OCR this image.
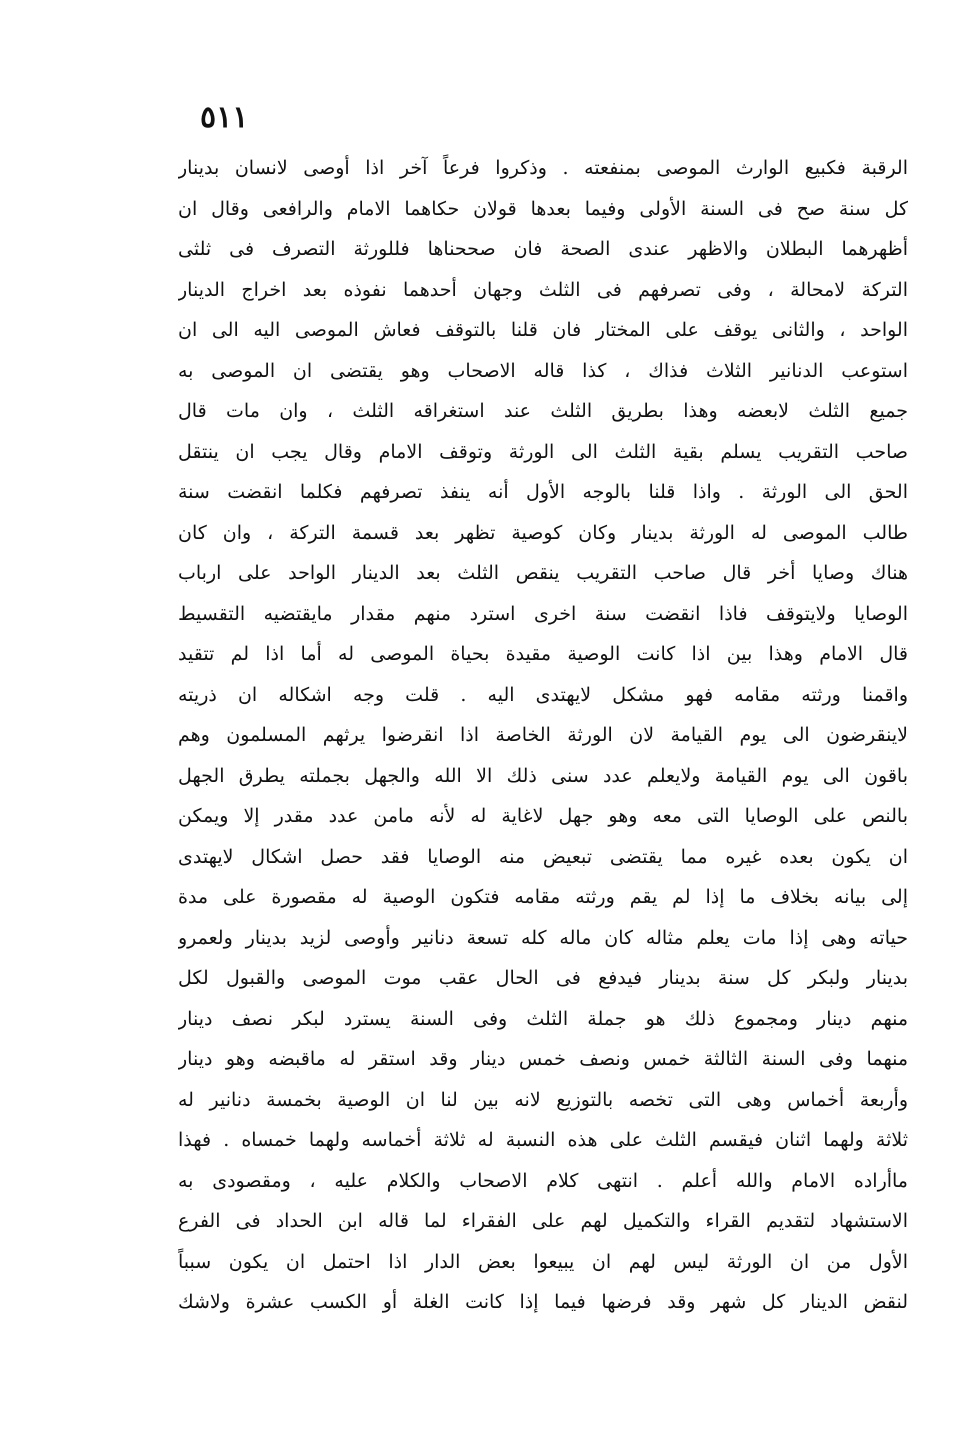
٥١١
الرقبة فكبيع الوارث الموصى بمنفعته . وذكروا فرعاً آخر اذا أوصى لانسان بدينار
كل سنة صح فى السنة الأولى وفيما بعدها قولان حكاهما الامام والرافعى وقال ان
أظهرهما البطلان والاظهر عندى الصحة فان صححناها فللورثة التصرف فى ثلثى
التركة لامحالة ، وفى تصرفهم فى الثلث وجهان أحدهما نفوذه بعد اخراج الدينار
الواحد ، والثانى يوقف على المختار فان قلنا بالتوقف فعاش الموصى اليه الى ان
استوعب الدنانير الثلاث فذاك ، كذا قاله الاصحاب وهو يقتضى ان الموصى به
جميع الثلث لابعضه وهذا بطريق الثلث عند استغراقه الثلث ، وان مات قال
صاحب التقريب يسلم بقية الثلث الى الورثة وتوقف الامام وقال يجب ان ينتقل
الحق الى الورثة . واذا قلنا بالوجه الأول أنه ينفذ تصرفهم فكلما انقضت سنة
طالب الموصى له الورثة بدينار وكان كوصية تظهر بعد قسمة التركة ، وان كان
هناك وصايا أخر قال صاحب التقريب ينقص الثلث بعد الدينار الواحد على ارباب
الوصايا ولايتوقف فاذا انقضت سنة اخرى استرد منهم مقدار مايقتضيه التقسيط
قال الامام وهذا بين اذا كانت الوصية مقيدة بحياة الموصى له أما اذا لم تتقيد
واقمنا ورثته مقامه فهو مشكل لايهتدى اليه . قلت وجه اشكاله ان ذريته
لاينقرضون الى يوم القيامة لان الورثة الخاصة اذا انقرضوا يرثهم المسلمون وهم
باقون الى يوم القيامة ولايعلم عدد سنى ذلك الا الله والجهل بجملته يطرق الجهل
بالنص على الوصايا التى معه وهو جهل لاغاية له لأنه مامن عدد مقدر إلا ويمكن
ان يكون بعده غيره مما يقتضى تبعيض منه الوصايا فقد حصل اشكال لايهتدى
إلى بيانه بخلاف ما إذا لم يقم ورثته مقامه فتكون الوصية له مقصورة على مدة
حياته وهى إذا مات يعلم مثاله كان ماله كله تسعة دنانير وأوصى لزيد بدينار ولعمرو
بدينار ولبكر كل سنة بدينار فيدفع فى الحال عقب موت الموصى والقبول لكل
منهم دينار ومجموع ذلك هو جملة الثلث وفى السنة يسترد لبكر نصف دينار
منهما وفى السنة الثالثة خمس ونصف خمس دينار وقد استقر له ماقبضه وهو دينار
وأربعة أخماس وهى التى تخصه بالتوزيع لانه بين لنا ان الوصية بخمسة دنانير له
ثلاثة ولهما اثنان فيقسم الثلث على هذه النسبة له ثلاثة أخماسه ولهما خمساه . فهذا
ماأراده الامام والله أعلم . انتهى كلام الاصحاب والكلام عليه ، ومقصودى به
الاستشهاد لتقديم القراء والتكميل لهم على الفقراء لما قاله ابن الحداد فى الفرع
الأول من ان الورثة ليس لهم ان يبيعوا بعض الدار اذا احتمل ان يكون سبباً
لنقض الدينار كل شهر وقد فرضها فيما إذا كانت الغلة أو الكسب عشرة ولاشك
